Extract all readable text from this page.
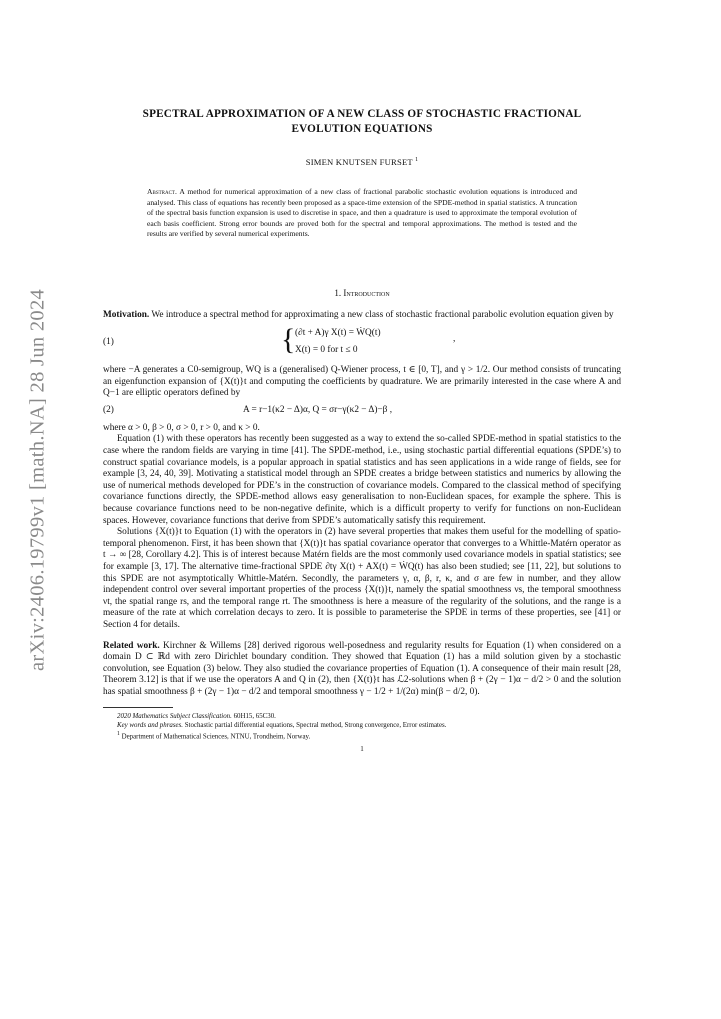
arXiv:2406.19799v1 [math.NA] 28 Jun 2024
SPECTRAL APPROXIMATION OF A NEW CLASS OF STOCHASTIC FRACTIONAL
EVOLUTION EQUATIONS
SIMEN KNUTSEN FURSET $^1$
Abstract. A method for numerical approximation of a new class of fractional parabolic stochastic evolution equations is introduced and analysed. This class of equations has recently been proposed as a space-time extension of the SPDE-method in spatial statistics. A truncation of the spectral basis function expansion is used to discretise in space, and then a quadrature is used to approximate the temporal evolution of each basis coefficient. Strong error bounds are proved both for the spectral and temporal approximations. The method is tested and the results are verified by several numerical experiments.
1. Introduction

Motivation. We introduce a spectral method for approximating a new class of stochastic fractional parabolic evolution equation given by

(1)	{ (∂t + A)γ X(t) = ẆQ(t)
X(t) = 0 for t ≤ 0
,

where −A generates a C0-semigroup, WQ is a (generalised) Q-Wiener process, t ∈ [0, T], and γ > 1/2. Our method consists of truncating an eigenfunction expansion of {X(t)}t and computing the coefficients by quadrature. We are primarily interested in the case where A and Q−1 are elliptic operators defined by

(2)	A = r−1(κ2 − Δ)α, Q = σr−γ(κ2 − Δ)−β ,

where α > 0, β > 0, σ > 0, r > 0, and κ > 0.

Equation (1) with these operators has recently been suggested as a way to extend the so-called SPDE-method in spatial statistics to the case where the random fields are varying in time [41]. The SPDE-method, i.e., using stochastic partial differential equations (SPDE’s) to construct spatial covariance models, is a popular approach in spatial statistics and has seen applications in a wide range of fields, see for example [3, 24, 40, 39]. Motivating a statistical model through an SPDE creates a bridge between statistics and numerics by allowing the use of numerical methods developed for PDE’s in the construction of covariance models. Compared to the classical method of specifying covariance functions directly, the SPDE-method allows easy generalisation to non-Euclidean spaces, for example the sphere. This is because covariance functions need to be non-negative definite, which is a difficult property to verify for functions on non-Euclidean spaces. However, covariance functions that derive from SPDE’s automatically satisfy this requirement.

Solutions {X(t)}t to Equation (1) with the operators in (2) have several properties that makes them useful for the modelling of spatio-temporal phenomenon. First, it has been shown that {X(t)}t has spatial covariance operator that converges to a Whittle-Matérn operator as t → ∞ [28, Corollary 4.2]. This is of interest because Matérn fields are the most commonly used covariance models in spatial statistics; see for example [3, 17]. The alternative time-fractional SPDE ∂tγ X(t) + AX(t) = ẆQ(t) has also been studied; see [11, 22], but solutions to this SPDE are not asymptotically Whittle-Matérn. Secondly, the parameters γ, α, β, r, κ, and σ are few in number, and they allow independent control over several important properties of the process {X(t)}t, namely the spatial smoothness νs, the temporal smoothness νt, the spatial range rs, and the temporal range rt. The smoothness is here a measure of the regularity of the solutions, and the range is a measure of the rate at which correlation decays to zero. It is possible to parameterise the SPDE in terms of these properties, see [41] or Section 4 for details.

Related work. Kirchner & Willems [28] derived rigorous well-posedness and regularity results for Equation (1) when considered on a domain D ⊂ ℝd with zero Dirichlet boundary condition. They showed that Equation (1) has a mild solution given by a stochastic convolution, see Equation (3) below. They also studied the covariance properties of Equation (1). A consequence of their main result [28, Theorem 3.12] is that if we use the operators A and Q in (2), then {X(t)}t has ℒ2-solutions when β + (2γ − 1)α − d/2 > 0 and the solution has spatial smoothness β + (2γ − 1)α − d/2 and temporal smoothness γ − 1/2 + 1/(2α) min(β − d/2, 0).

2020 Mathematics Subject Classification. 60H15, 65C30.
Key words and phrases. Stochastic partial differential equations, Spectral method, Strong convergence, Error estimates.
$^1$ Department of Mathematical Sciences, NTNU, Trondheim, Norway.
1
